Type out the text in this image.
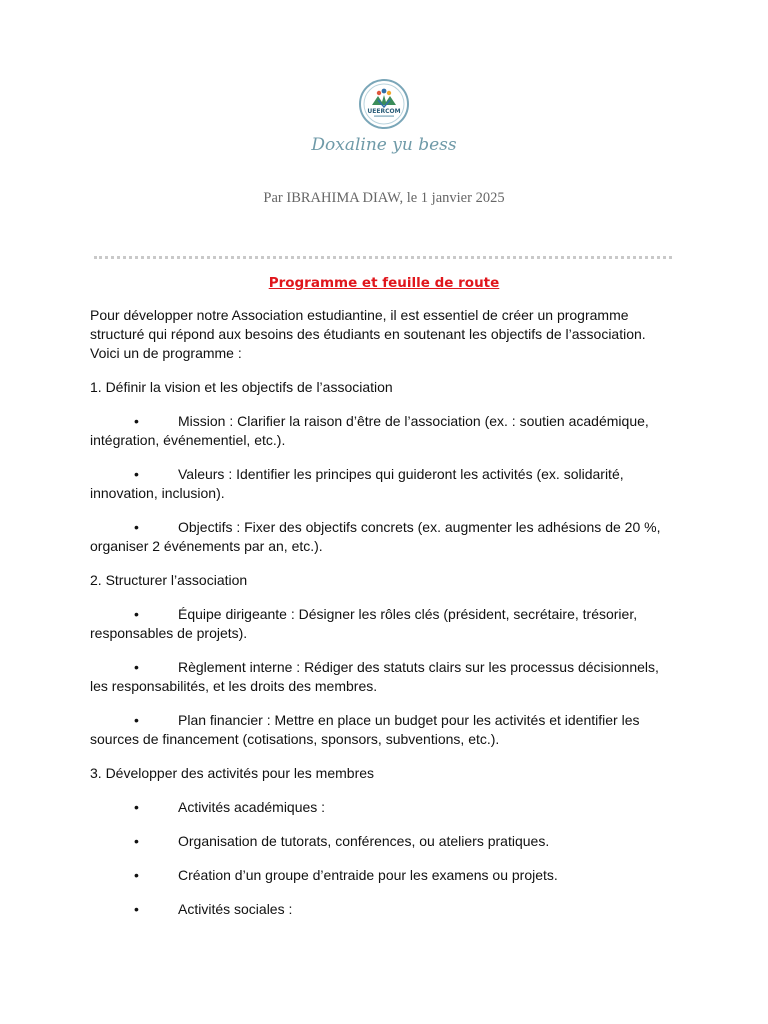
UEERCOM
Doxaline yu bess
Par IBRAHIMA DIAW, le 1 janvier 2025
Programme et feuille de route

Pour développer notre Association estudiantine, il est essentiel de créer un programme structuré qui répond aux besoins des étudiants en soutenant les objectifs de l’association. Voici un de programme :

1. Définir la vision et les objectifs de l’association

•	Mission : Clarifier la raison d’être de l’association (ex. : soutien académique, intégration, événementiel, etc.).

•	Valeurs : Identifier les principes qui guideront les activités (ex. solidarité, innovation, inclusion).

•	Objectifs : Fixer des objectifs concrets (ex. augmenter les adhésions de 20 %, organiser 2 événements par an, etc.).

2. Structurer l’association

•	Équipe dirigeante : Désigner les rôles clés (président, secrétaire, trésorier, responsables de projets).

•	Règlement interne : Rédiger des statuts clairs sur les processus décisionnels, les responsabilités, et les droits des membres.

•	Plan financier : Mettre en place un budget pour les activités et identifier les sources de financement (cotisations, sponsors, subventions, etc.).

3. Développer des activités pour les membres

•	Activités académiques :

•	Organisation de tutorats, conférences, ou ateliers pratiques.

•	Création d’un groupe d’entraide pour les examens ou projets.

•	Activités sociales :
